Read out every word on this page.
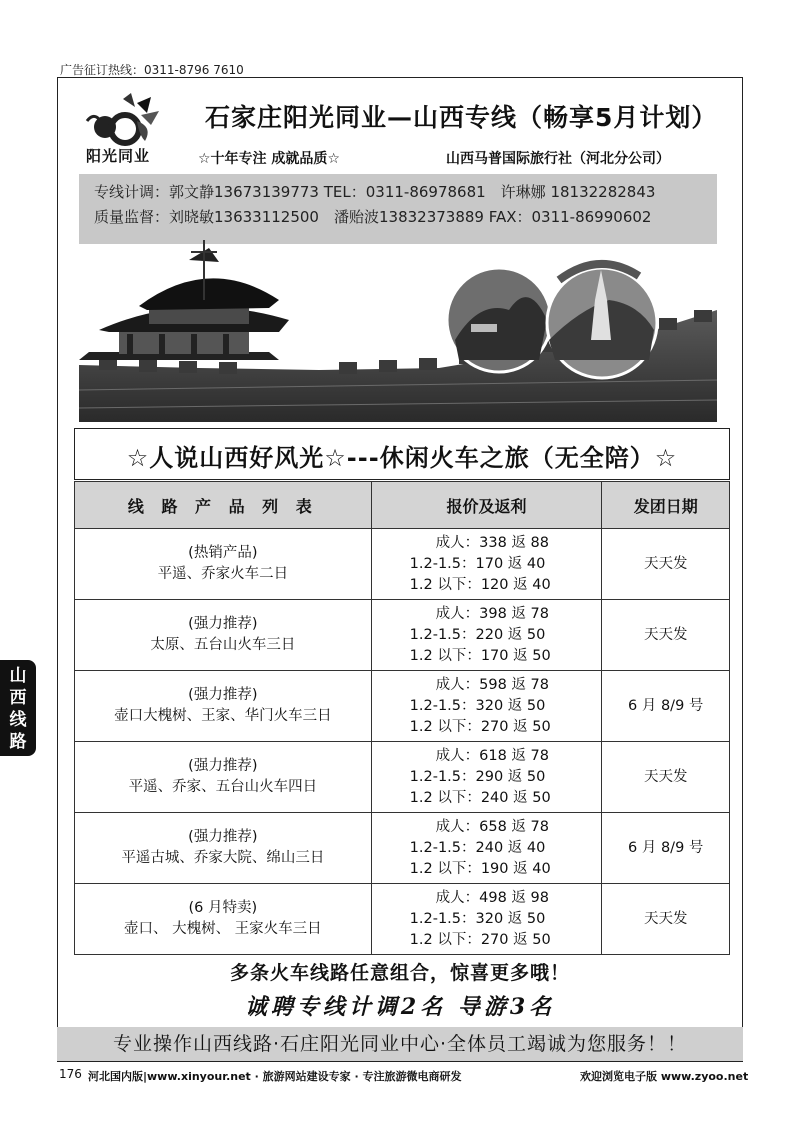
广告征订热线：0311-8796 7610
阳光同业
石家庄阳光同业—山西专线（畅享5月计划）
☆十年专注 成就品质☆	山西马普国际旅行社（河北分公司）
专线计调：郭文静13673139773 TEL：0311-86978681　许琳娜 18132282843
质量监督：刘晓敏13633112500　潘贻波13832373889 FAX：0311-86990602
☆人说山西好风光☆---休闲火车之旅（无全陪）☆
线 路 产 品 列 表	报价及返利	发团日期

(热销产品)
平遥、乔家火车二日	成人：338 返 88
1.2-1.5：170 返 40
1.2 以下：120 返 40	天天发

(强力推荐)
太原、五台山火车三日	成人：398 返 78
1.2-1.5：220 返 50
1.2 以下：170 返 50	天天发

(强力推荐)
壶口大槐树、王家、华门火车三日	成人：598 返 78
1.2-1.5：320 返 50
1.2 以下：270 返 50	6 月 8/9 号

(强力推荐)
平遥、乔家、五台山火车四日	成人：618 返 78
1.2-1.5：290 返 50
1.2 以下：240 返 50	天天发

(强力推荐)
平遥古城、乔家大院、绵山三日	成人：658 返 78
1.2-1.5：240 返 40
1.2 以下：190 返 40	6 月 8/9 号

(6 月特卖)
壶口、 大槐树、 王家火车三日	成人：498 返 98
1.2-1.5：320 返 50
1.2 以下：270 返 50	天天发
多条火车线路任意组合，惊喜更多哦！
诚聘专线计调2名 导游3名
专业操作山西线路·石庄阳光同业中心·全体员工竭诚为您服务！！
山
西
线
路
176 河北国内版|www.xinyour.net · 旅游网站建设专家 · 专注旅游微电商研发	欢迎浏览电子版 www.zyoo.net
